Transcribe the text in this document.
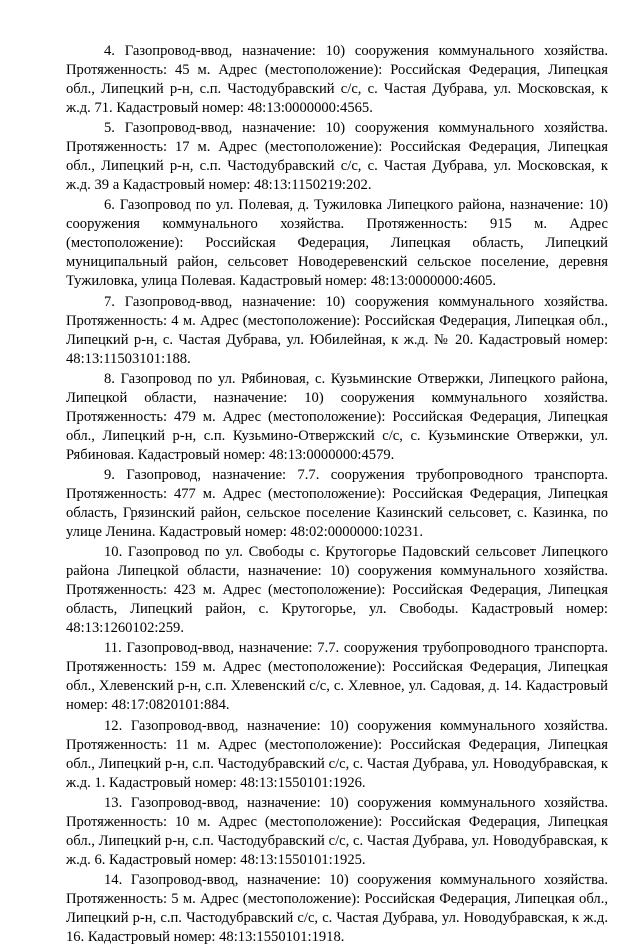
4. Газопровод-ввод, назначение: 10) сооружения коммунального хозяйства. Протяженность: 45 м. Адрес (местоположение): Российская Федерация, Липецкая обл., Липецкий р-н, с.п. Частодубравский с/с, с. Частая Дубрава, ул. Московская, к ж.д. 71. Кадастровый номер: 48:13:0000000:4565.

5. Газопровод-ввод, назначение: 10) сооружения коммунального хозяйства. Протяженность: 17 м. Адрес (местоположение): Российская Федерация, Липецкая обл., Липецкий р-н, с.п. Частодубравский с/с, с. Частая Дубрава, ул. Московская, к ж.д. 39 а Кадастровый номер: 48:13:1150219:202.

6. Газопровод по ул. Полевая, д. Тужиловка Липецкого района, назначение: 10) сооружения коммунального хозяйства. Протяженность: 915 м. Адрес (местоположение): Российская Федерация, Липецкая область, Липецкий муниципальный район, сельсовет Новодеревенский сельское поселение, деревня Тужиловка, улица Полевая. Кадастровый номер: 48:13:0000000:4605.

7. Газопровод-ввод, назначение: 10) сооружения коммунального хозяйства. Протяженность: 4 м. Адрес (местоположение): Российская Федерация, Липецкая обл., Липецкий р-н, с. Частая Дубрава, ул. Юбилейная, к ж.д. № 20. Кадастровый номер: 48:13:11503101:188.

8. Газопровод по ул. Рябиновая, с. Кузьминские Отвержки, Липецкого района, Липецкой области, назначение: 10) сооружения коммунального хозяйства. Протяженность: 479 м. Адрес (местоположение): Российская Федерация, Липецкая обл., Липецкий р-н, с.п. Кузьмино-Отвержский с/с, с. Кузьминские Отвержки, ул. Рябиновая. Кадастровый номер: 48:13:0000000:4579.

9. Газопровод, назначение: 7.7. сооружения трубопроводного транспорта. Протяженность: 477 м. Адрес (местоположение): Российская Федерация, Липецкая область, Грязинский район, сельское поселение Казинский сельсовет, с. Казинка, по улице Ленина. Кадастровый номер: 48:02:0000000:10231.

10. Газопровод по ул. Свободы с. Крутогорье Падовский сельсовет Липецкого района Липецкой области, назначение: 10) сооружения коммунального хозяйства. Протяженность: 423 м. Адрес (местоположение): Российская Федерация, Липецкая область, Липецкий район, с. Крутогорье, ул. Свободы. Кадастровый номер: 48:13:1260102:259.

11. Газопровод-ввод, назначение: 7.7. сооружения трубопроводного транспорта. Протяженность: 159 м. Адрес (местоположение): Российская Федерация, Липецкая обл., Хлевенский р-н, с.п. Хлевенский с/с, с. Хлевное, ул. Садовая, д. 14. Кадастровый номер: 48:17:0820101:884.

12. Газопровод-ввод, назначение: 10) сооружения коммунального хозяйства. Протяженность: 11 м. Адрес (местоположение): Российская Федерация, Липецкая обл., Липецкий р-н, с.п. Частодубравский с/с, с. Частая Дубрава, ул. Новодубравская, к ж.д. 1. Кадастровый номер: 48:13:1550101:1926.

13. Газопровод-ввод, назначение: 10) сооружения коммунального хозяйства. Протяженность: 10 м. Адрес (местоположение): Российская Федерация, Липецкая обл., Липецкий р-н, с.п. Частодубравский с/с, с. Частая Дубрава, ул. Новодубравская, к ж.д. 6. Кадастровый номер: 48:13:1550101:1925.

14. Газопровод-ввод, назначение: 10) сооружения коммунального хозяйства. Протяженность: 5 м. Адрес (местоположение): Российская Федерация, Липецкая обл., Липецкий р-н, с.п. Частодубравский с/с, с. Частая Дубрава, ул. Новодубравская, к ж.д. 16. Кадастровый номер: 48:13:1550101:1918.
